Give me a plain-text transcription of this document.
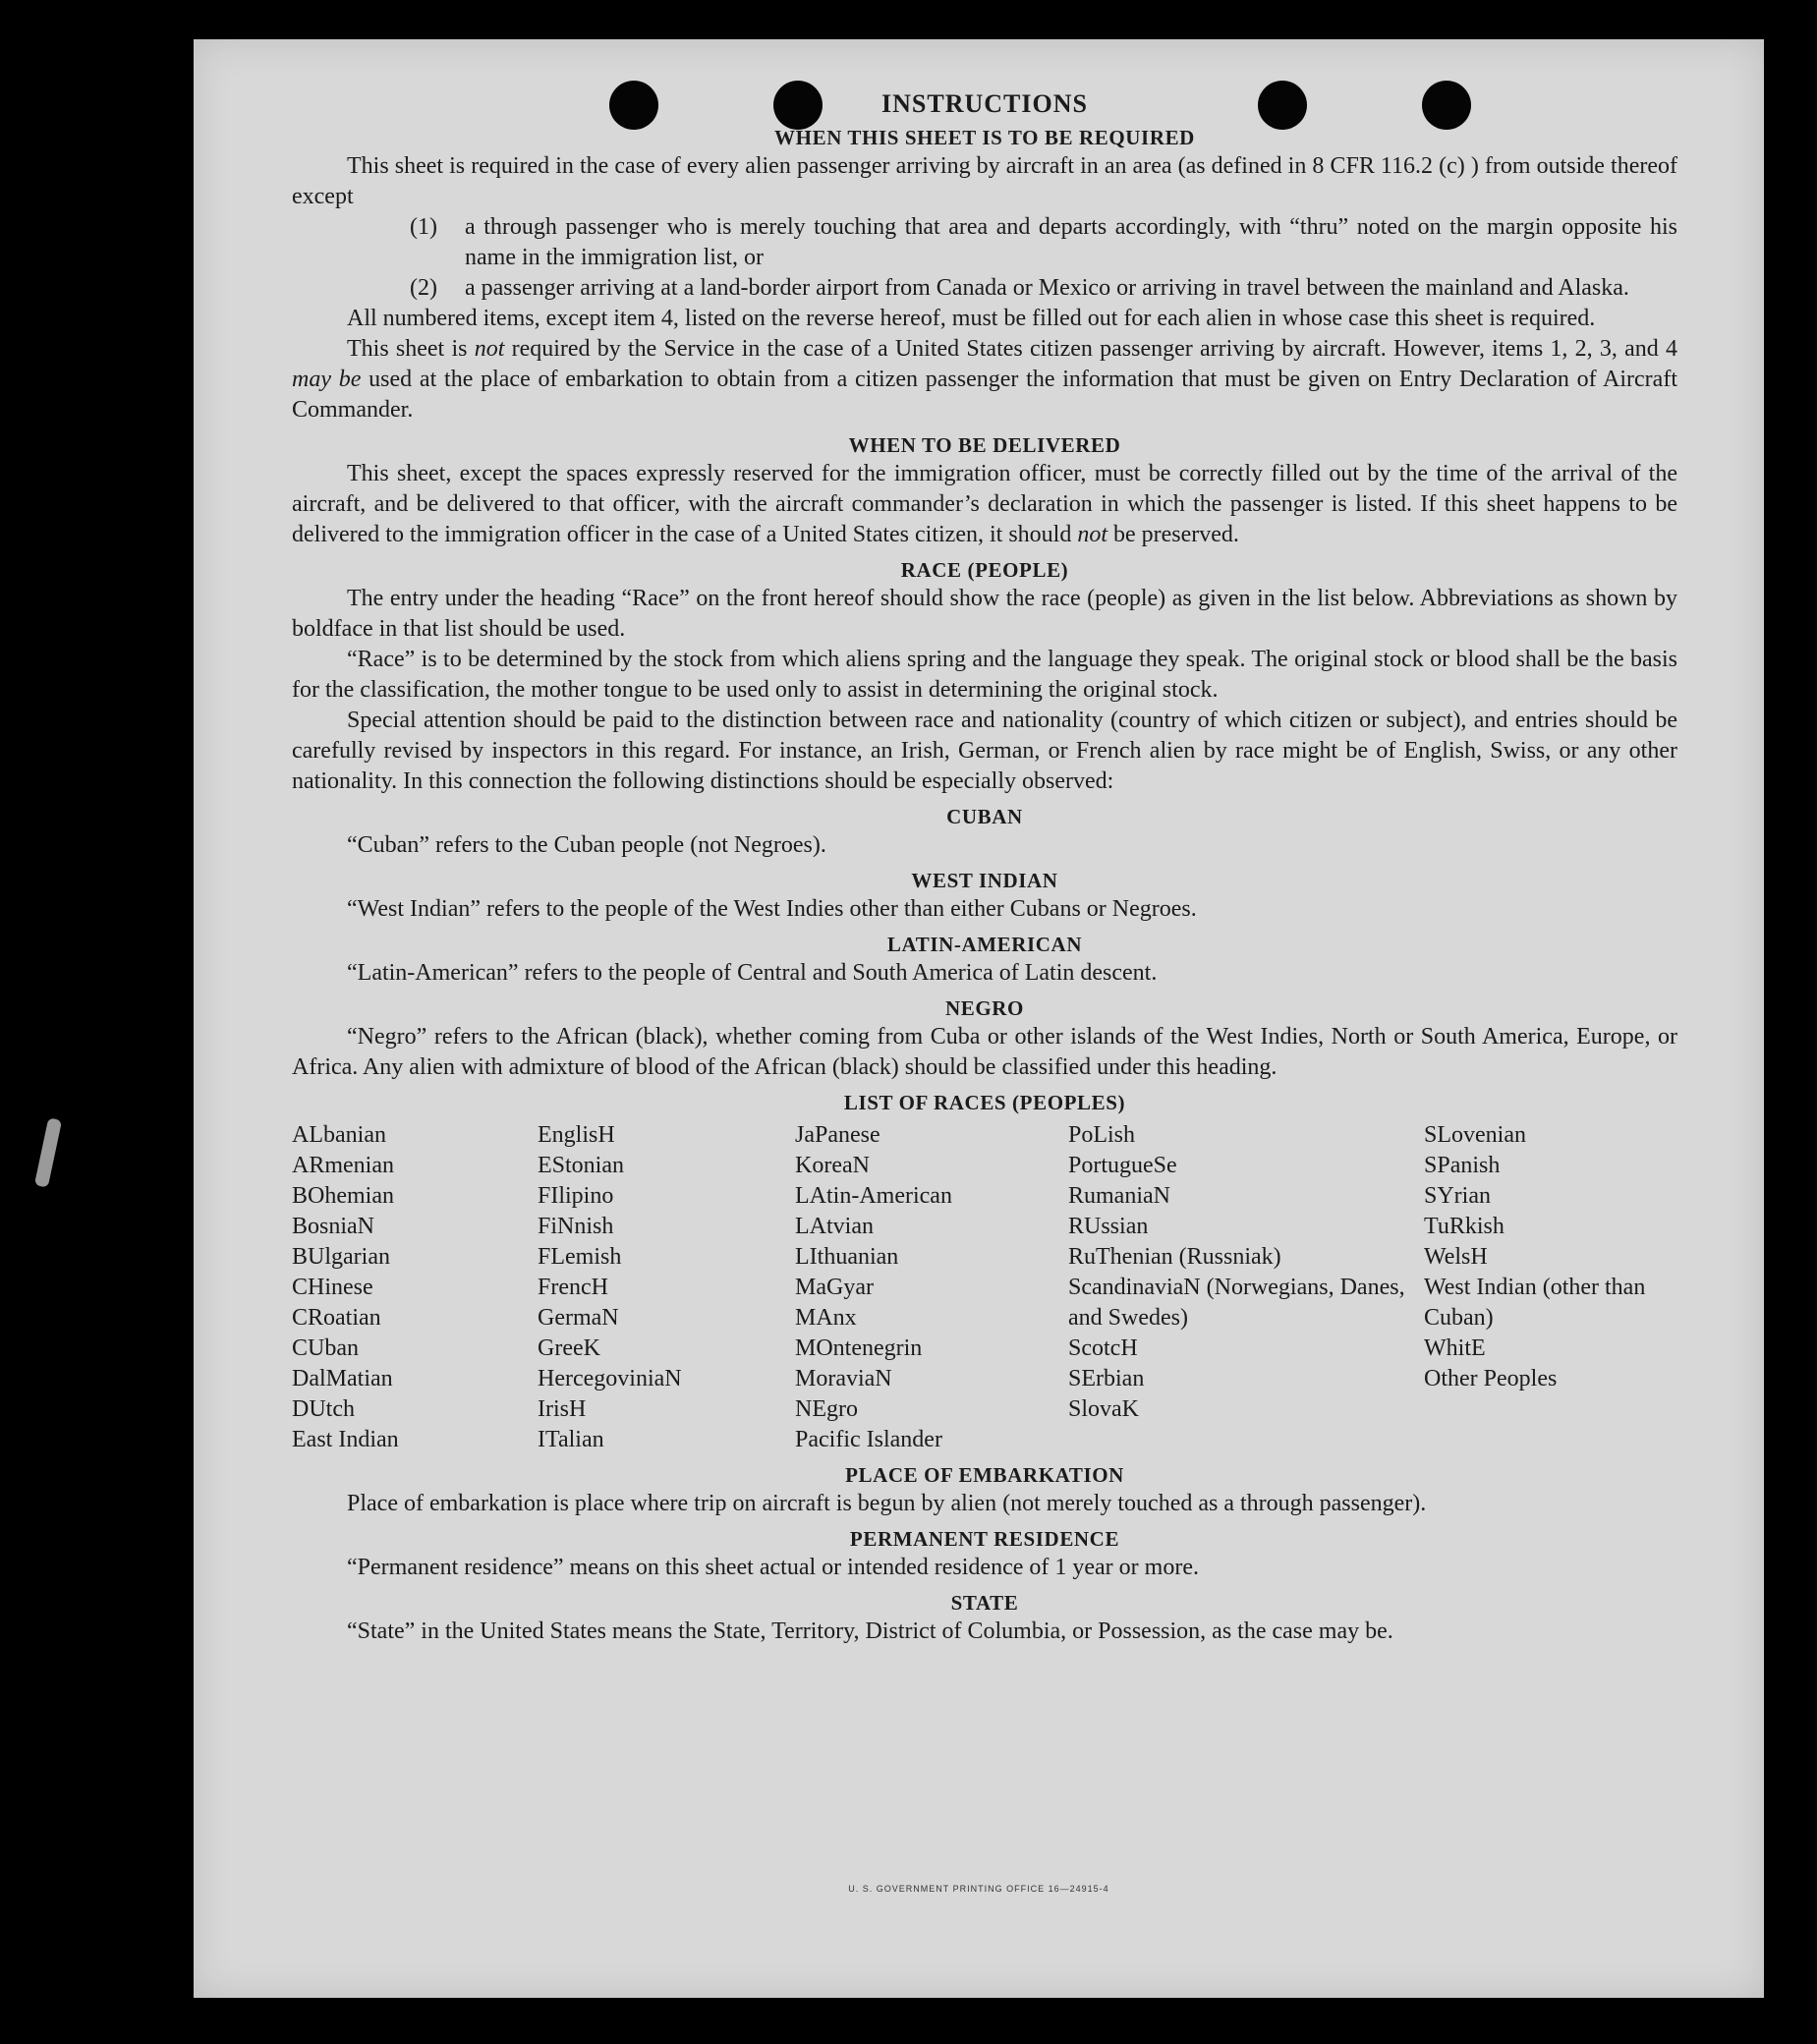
INSTRUCTIONS

WHEN THIS SHEET IS TO BE REQUIRED

This sheet is required in the case of every alien passenger arriving by aircraft in an area (as defined in 8 CFR 116.2 (c) ) from outside thereof except

(1)	a through passenger who is merely touching that area and departs accordingly, with “thru” noted on the margin opposite his name in the immigration list, or
(2)	a passenger arriving at a land-border airport from Canada or Mexico or arriving in travel between the mainland and Alaska.

All numbered items, except item 4, listed on the reverse hereof, must be filled out for each alien in whose case this sheet is required.

This sheet is not required by the Service in the case of a United States citizen passenger arriving by aircraft. However, items 1, 2, 3, and 4 may be used at the place of embarkation to obtain from a citizen passenger the information that must be given on Entry Declaration of Aircraft Commander.

WHEN TO BE DELIVERED

This sheet, except the spaces expressly reserved for the immigration officer, must be correctly filled out by the time of the arrival of the aircraft, and be delivered to that officer, with the aircraft commander’s declaration in which the passenger is listed. If this sheet happens to be delivered to the immigration officer in the case of a United States citizen, it should not be preserved.

RACE (PEOPLE)

The entry under the heading “Race” on the front hereof should show the race (people) as given in the list below. Abbreviations as shown by boldface in that list should be used.

“Race” is to be determined by the stock from which aliens spring and the language they speak. The original stock or blood shall be the basis for the classification, the mother tongue to be used only to assist in determining the original stock.

Special attention should be paid to the distinction between race and nationality (country of which citizen or subject), and entries should be carefully revised by inspectors in this regard. For instance, an Irish, German, or French alien by race might be of English, Swiss, or any other nationality. In this connection the following distinctions should be especially observed:

CUBAN

“Cuban” refers to the Cuban people (not Negroes).

WEST INDIAN

“West Indian” refers to the people of the West Indies other than either Cubans or Negroes.

LATIN-AMERICAN

“Latin-American” refers to the people of Central and South America of Latin descent.

NEGRO

“Negro” refers to the African (black), whether coming from Cuba or other islands of the West Indies, North or South America, Europe, or Africa. Any alien with admixture of blood of the African (black) should be classified under this heading.

LIST OF RACES (PEOPLES)

ALbanian
ARmenian
BOhemian
BosniaN
BUlgarian
CHinese
CRoatian
CUban
DalMatian
DUtch
East Indian
EnglisH
EStonian
FIlipino
FiNnish
FLemish
FrencH
GermaN
GreeK
HercegoviniaN
IrisH
ITalian
JaPanese
KoreaN
LAtin-American
LAtvian
LIthuanian
MaGyar
MAnx
MOntenegrin
MoraviaN
NEgro
Pacific Islander
PoLish
PortugueSe
RumaniaN
RUssian
RuThenian (Russniak)
ScandinaviaN (Norwegians, Danes, and Swedes)
ScotcH
SErbian
SlovaK
SLovenian
SPanish
SYrian
TuRkish
WelsH
West Indian (other than Cuban)
WhitE
Other Peoples

PLACE OF EMBARKATION

Place of embarkation is place where trip on aircraft is begun by alien (not merely touched as a through passenger).

PERMANENT RESIDENCE

“Permanent residence” means on this sheet actual or intended residence of 1 year or more.

STATE

“State” in the United States means the State, Territory, District of Columbia, or Possession, as the case may be.

U. S. GOVERNMENT PRINTING OFFICE 16—24915-4
